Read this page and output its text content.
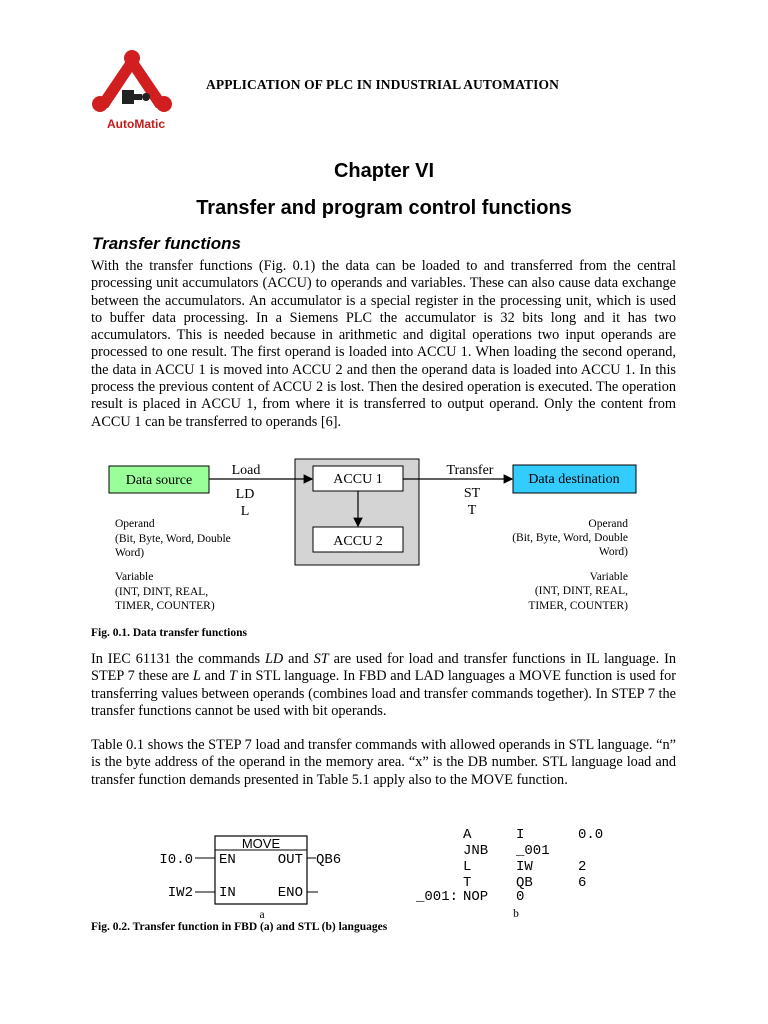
AutoMatic
APPLICATION OF PLC IN INDUSTRIAL AUTOMATION
Chapter VI
Transfer and program control functions
Transfer functions
With the transfer functions (Fig. 0.1) the data can be loaded to and transferred from the central processing unit accumulators (ACCU) to operands and variables. These can also cause data exchange between the accumulators. An accumulator is a special register in the processing unit, which is used to buffer data processing. In a Siemens PLC the accumulator is 32 bits long and it has two accumulators. This is needed because in arithmetic and digital operations two input operands are processed to one result. The first operand is loaded into ACCU 1. When loading the second operand, the data in ACCU 1 is moved into ACCU 2 and then the operand data is loaded into ACCU 1. In this process the previous content of ACCU 2 is lost. Then the desired operation is executed. The operation result is placed in ACCU 1, from where it is transferred to output operand. Only the content from ACCU 1 can be transferred to operands [6].
Data source	ACCU 1
ACCU 2
Data destination
Load
LD
L
Transfer
ST
T
Operand
(Bit, Byte, Word, Double
Word)
Variable
(INT, DINT, REAL,
TIMER, COUNTER)
Operand
(Bit, Byte, Word, Double
Word)
Variable
(INT, DINT, REAL,
TIMER, COUNTER)
Fig. 0.1. Data transfer functions
In IEC 61131 the commands LD and ST are used for load and transfer functions in IL language. In STEP 7 these are L and T in STL language. In FBD and LAD languages a MOVE function is used for transferring values between operands (combines load and transfer commands together). In STEP 7 the transfer functions cannot be used with bit operands.
Table 0.1 shows the STEP 7 load and transfer commands with allowed operands in STL language. “n” is the byte address of the operand in the memory area. “x” is the DB number. STL language load and transfer function demands presented in Table 5.1 apply also to the MOVE function.
MOVE
EN	OUT
IN	ENO
I0.0
IW2
QB6
a
A	I	0.0
JNB _001
L	IW	2
T	QB	6
_001: NOP 0
b
Fig. 0.2. Transfer function in FBD (a) and STL (b) languages
